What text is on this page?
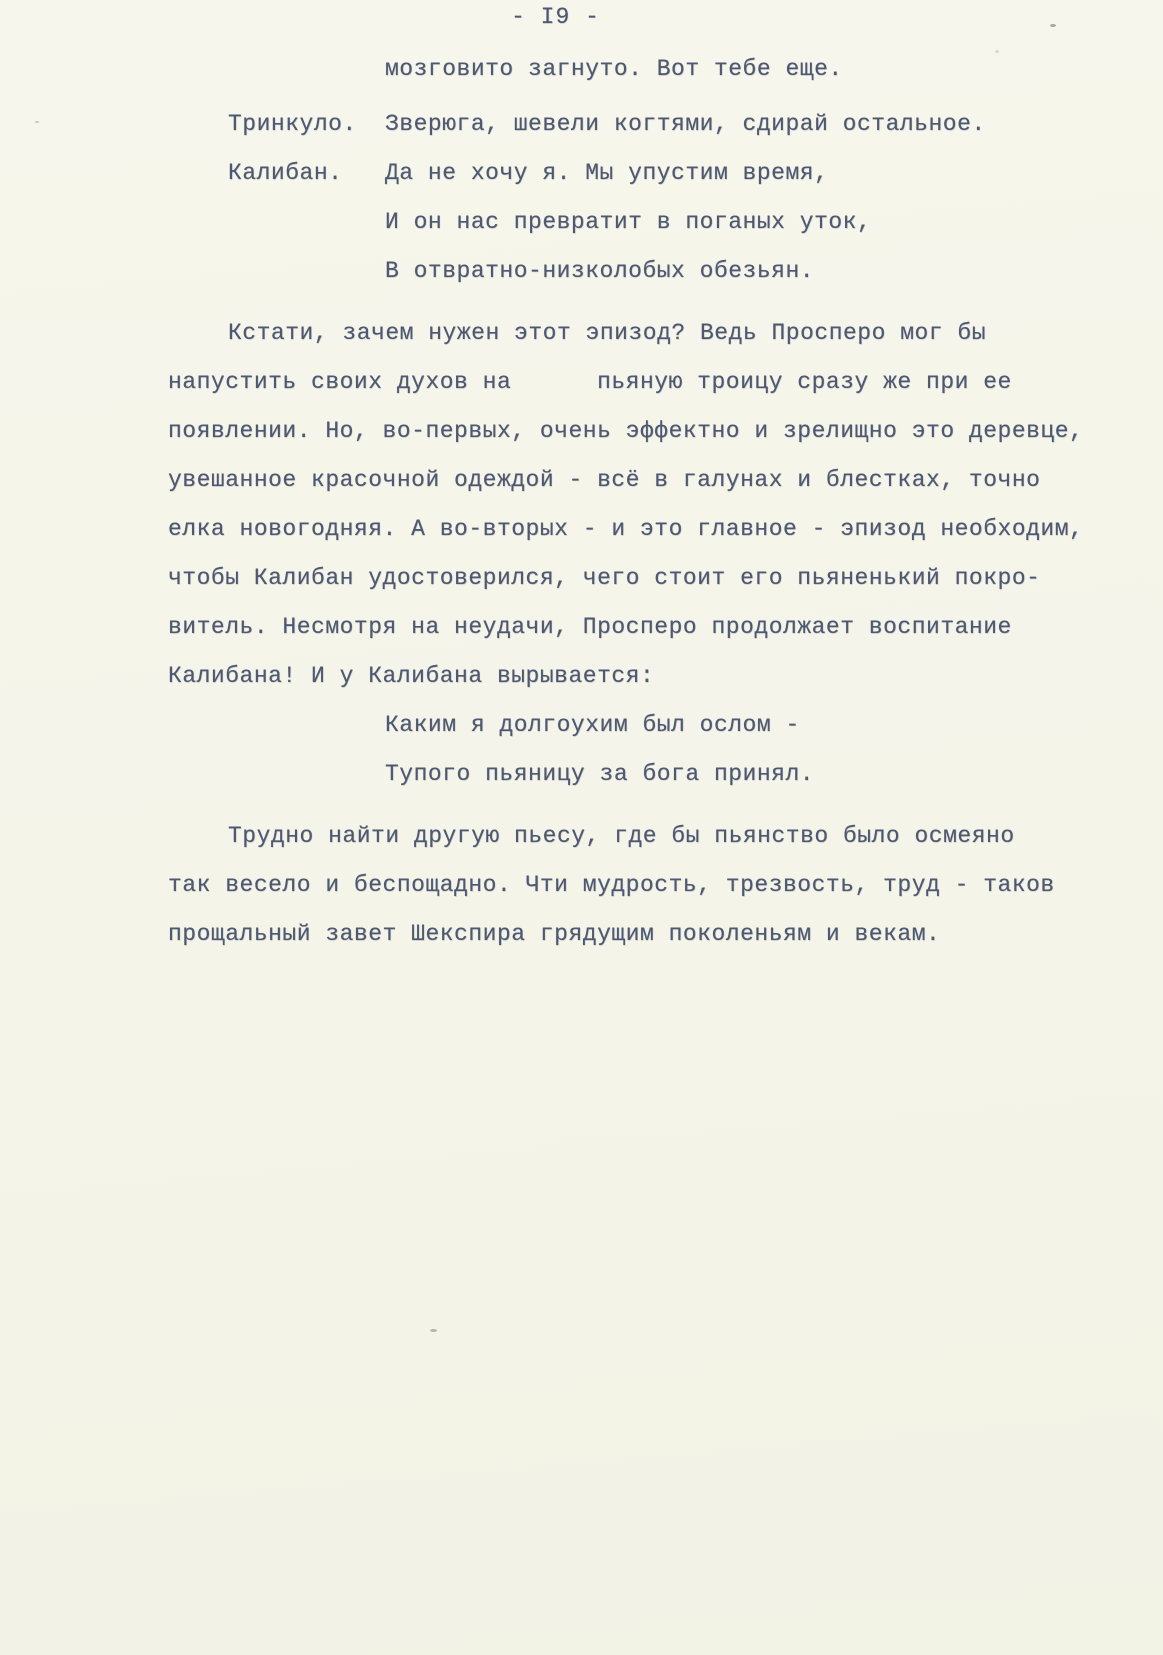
- I9 -
мозговито загнуто. Вот тебе еще.
Тринкуло. Зверюга, шевели когтями, сдирай остальное.
Калибан. Да не хочу я. Мы упустим время,
И он нас превратит в поганых уток,
В отвратно-низколобых обезьян.
Кстати, зачем нужен этот эпизод? Ведь Просперо мог бы
напустить своих духов на      пьяную троицу сразу же при ее
появлении. Но, во-первых, очень эффектно и зрелищно это деревце,
увешанное красочной одеждой - всё в галунах и блестках, точно
елка новогодняя. А во-вторых - и это главное - эпизод необходим,
чтобы Калибан удостоверился, чего стоит его пьяненький покро-
витель. Несмотря на неудачи, Просперо продолжает воспитание
Калибана! И у Калибана вырывается:
Каким я долгоухим был ослом -
Тупого пьяницу за бога принял.
Трудно найти другую пьесу, где бы пьянство было осмеяно
так весело и беспощадно. Чти мудрость, трезвость, труд - таков
прощальный завет Шекспира грядущим поколеньям и векам.
